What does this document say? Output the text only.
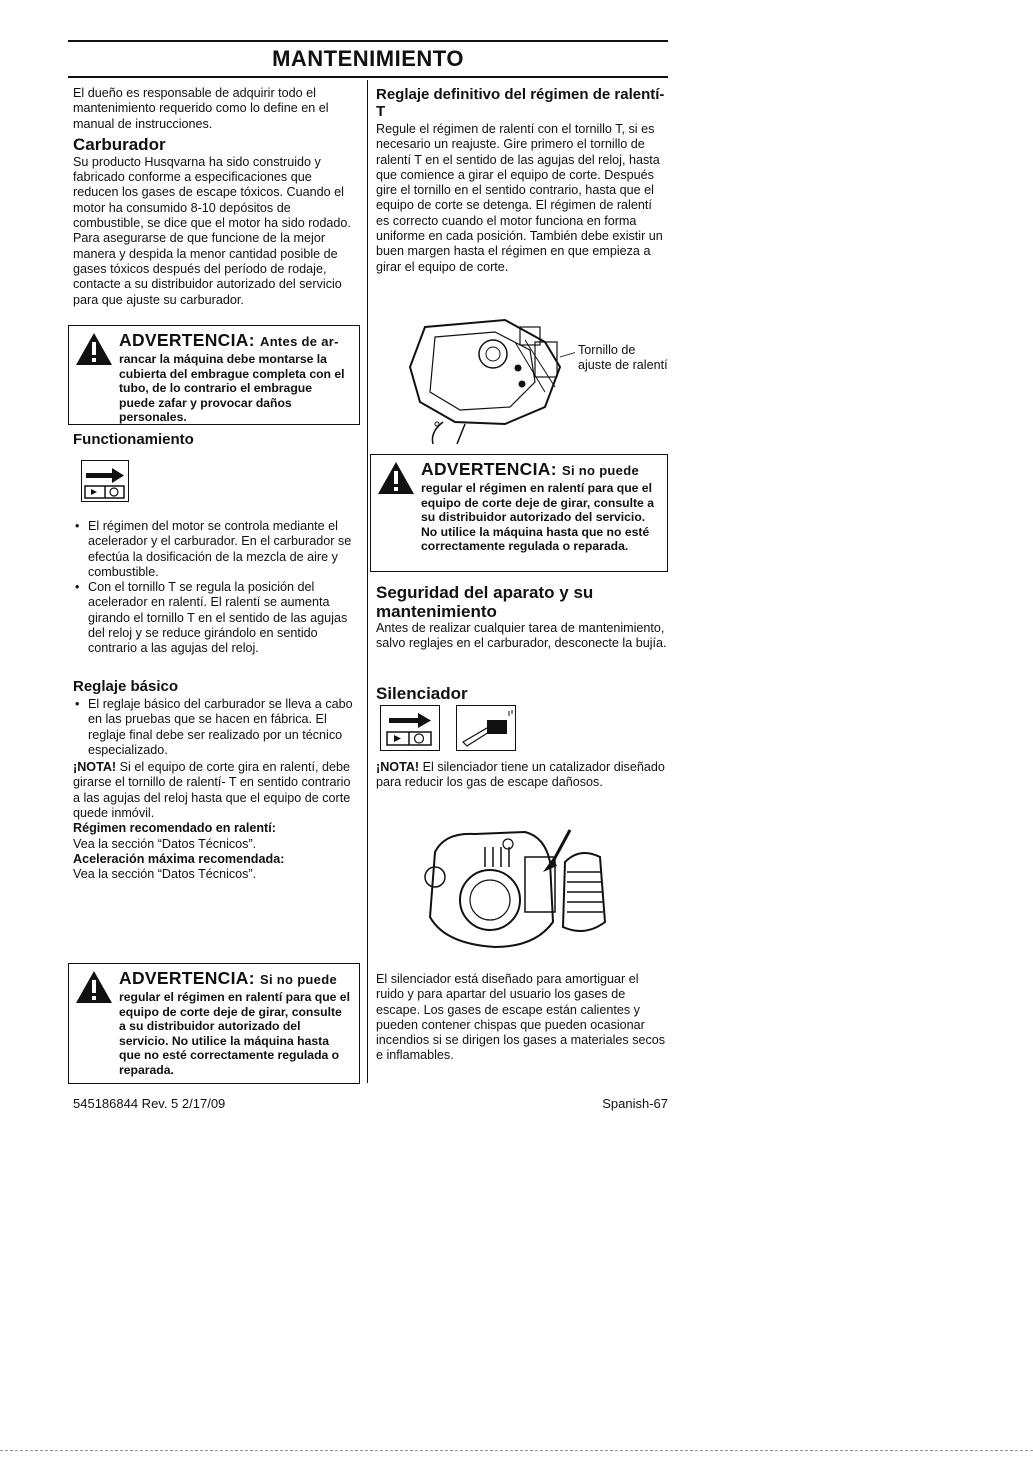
MANTENIMIENTO

El dueño es responsable de adquirir todo el mantenimiento requerido como lo define en el manual de instrucciones.

Carburador

Su producto Husqvarna ha sido construido y fabricado conforme a especificaciones que reducen los gases de escape tóxicos. Cuando el motor ha consumido 8-10 depósitos de combustible, se dice que el motor ha sido rodado. Para asegurarse de que funcione de la mejor manera y despida la menor cantidad posible de gases tóxicos después del período de rodaje, contacte a su distribuidor autorizado del servicio para que ajuste su carburador.

ADVERTENCIA: Antes de ar-
rancar la máquina debe montarse la cubierta del embrague completa con el tubo, de lo contrario el embrague puede zafar y provocar daños personales.
Functionamiento
• El régimen del motor se controla mediante el acelerador y el carburador. En el carburador se efectúa la dosificación de la mezcla de aire y combustible.
• Con el tornillo T se regula la posición del acelerador en ralentí. El ralentí se aumenta girando el tornillo T en el sentido de las agujas del reloj y se reduce girándolo en sentido contrario a las agujas del reloj.
Reglaje básico
• El reglaje básico del carburador se lleva a cabo en las pruebas que se hacen en fábrica. El reglaje final debe ser realizado por un técnico especializado.

¡NOTA! Si el equipo de corte gira en ralentí, debe girarse el tornillo de ralentí- T en sentido contrario a las agujas del reloj hasta que el equipo de corte quede inmóvil.

Régimen recomendado en ralentí:

Vea la sección “Datos Técnicos”.

Aceleración máxima recomendada:

Vea la sección “Datos Técnicos”.

ADVERTENCIA: Si no puede
regular el régimen en ralentí para que el equipo de corte deje de girar, consulte a su distribuidor autorizado del servicio. No utilice la máquina hasta que no esté correctamente regulada o reparada.
Reglaje definitivo del régimen de ralentí-T

Regule el régimen de ralentí con el tornillo T, si es necesario un reajuste. Gire primero el tornillo de ralentí T en el sentido de las agujas del reloj, hasta que comience a girar el equipo de corte. Después gire el tornillo en el sentido contrario, hasta que el equipo de corte se detenga. El régimen de ralentí es correcto cuando el motor funciona en forma uniforme en cada posición. También debe existir un buen margen hasta el régimen en que empieza a girar el equipo de corte.

Tornillo de ajuste de ralentí
ADVERTENCIA: Si no puede
regular el régimen en ralentí para que el equipo de corte deje de girar, consulte a su distribuidor autorizado del servicio. No utilice la máquina hasta que no esté correctamente regulada o reparada.
Seguridad del aparato y su mantenimiento

Antes de realizar cualquier tarea de mantenimiento, salvo reglajes en el carburador, desconecte la bujía.

Silenciador

¡NOTA! El silenciador tiene un catalizador diseñado para reducir los gas de escape dañosos.

El silenciador está diseñado para amortiguar el ruido y para apartar del usuario los gases de escape. Los gases de escape están calientes y pueden contener chispas que pueden ocasionar incendios si se dirigen los gases a materiales secos e inflamables.

545186844 Rev. 5 2/17/09	Spanish-67
